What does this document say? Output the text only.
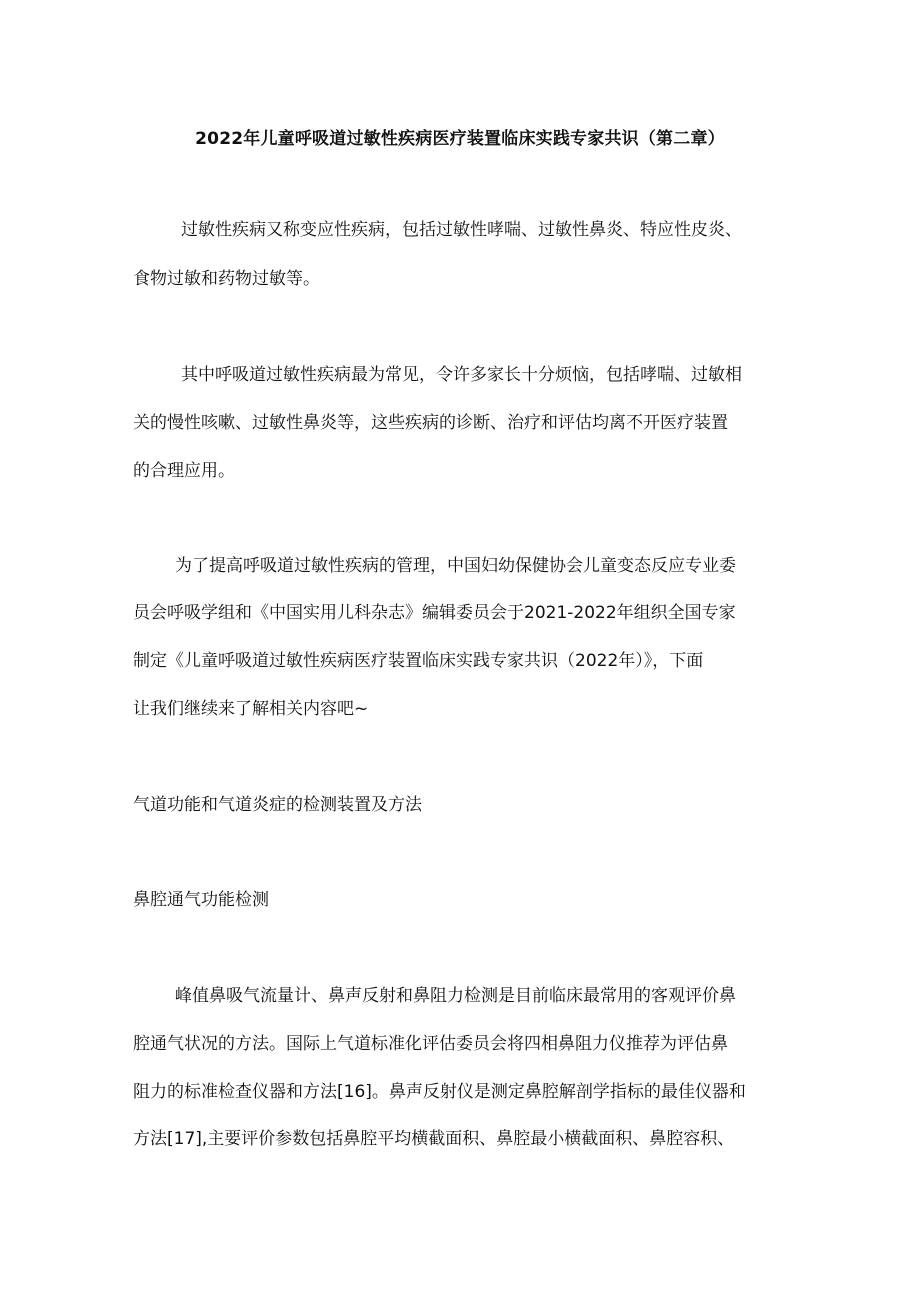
2022年儿童呼吸道过敏性疾病医疗装置临床实践专家共识（第二章）
过敏性疾病又称变应性疾病，包括过敏性哮喘、过敏性鼻炎、特应性皮炎、
食物过敏和药物过敏等。
其中呼吸道过敏性疾病最为常见，令许多家长十分烦恼，包括哮喘、过敏相
关的慢性咳嗽、过敏性鼻炎等，这些疾病的诊断、治疗和评估均离不开医疗装置
的合理应用。
为了提高呼吸道过敏性疾病的管理，中国妇幼保健协会儿童变态反应专业委
员会呼吸学组和《中国实用儿科杂志》编辑委员会于2021-2022年组织全国专家
制定《儿童呼吸道过敏性疾病医疗装置临床实践专家共识（2022年）》，下面
让我们继续来了解相关内容吧~
气道功能和气道炎症的检测装置及方法
鼻腔通气功能检测
峰值鼻吸气流量计、鼻声反射和鼻阻力检测是目前临床最常用的客观评价鼻
腔通气状况的方法。国际上气道标准化评估委员会将四相鼻阻力仪推荐为评估鼻
阻力的标准检查仪器和方法[16]。鼻声反射仪是测定鼻腔解剖学指标的最佳仪器和
方法[17],主要评价参数包括鼻腔平均横截面积、鼻腔最小横截面积、鼻腔容积、
